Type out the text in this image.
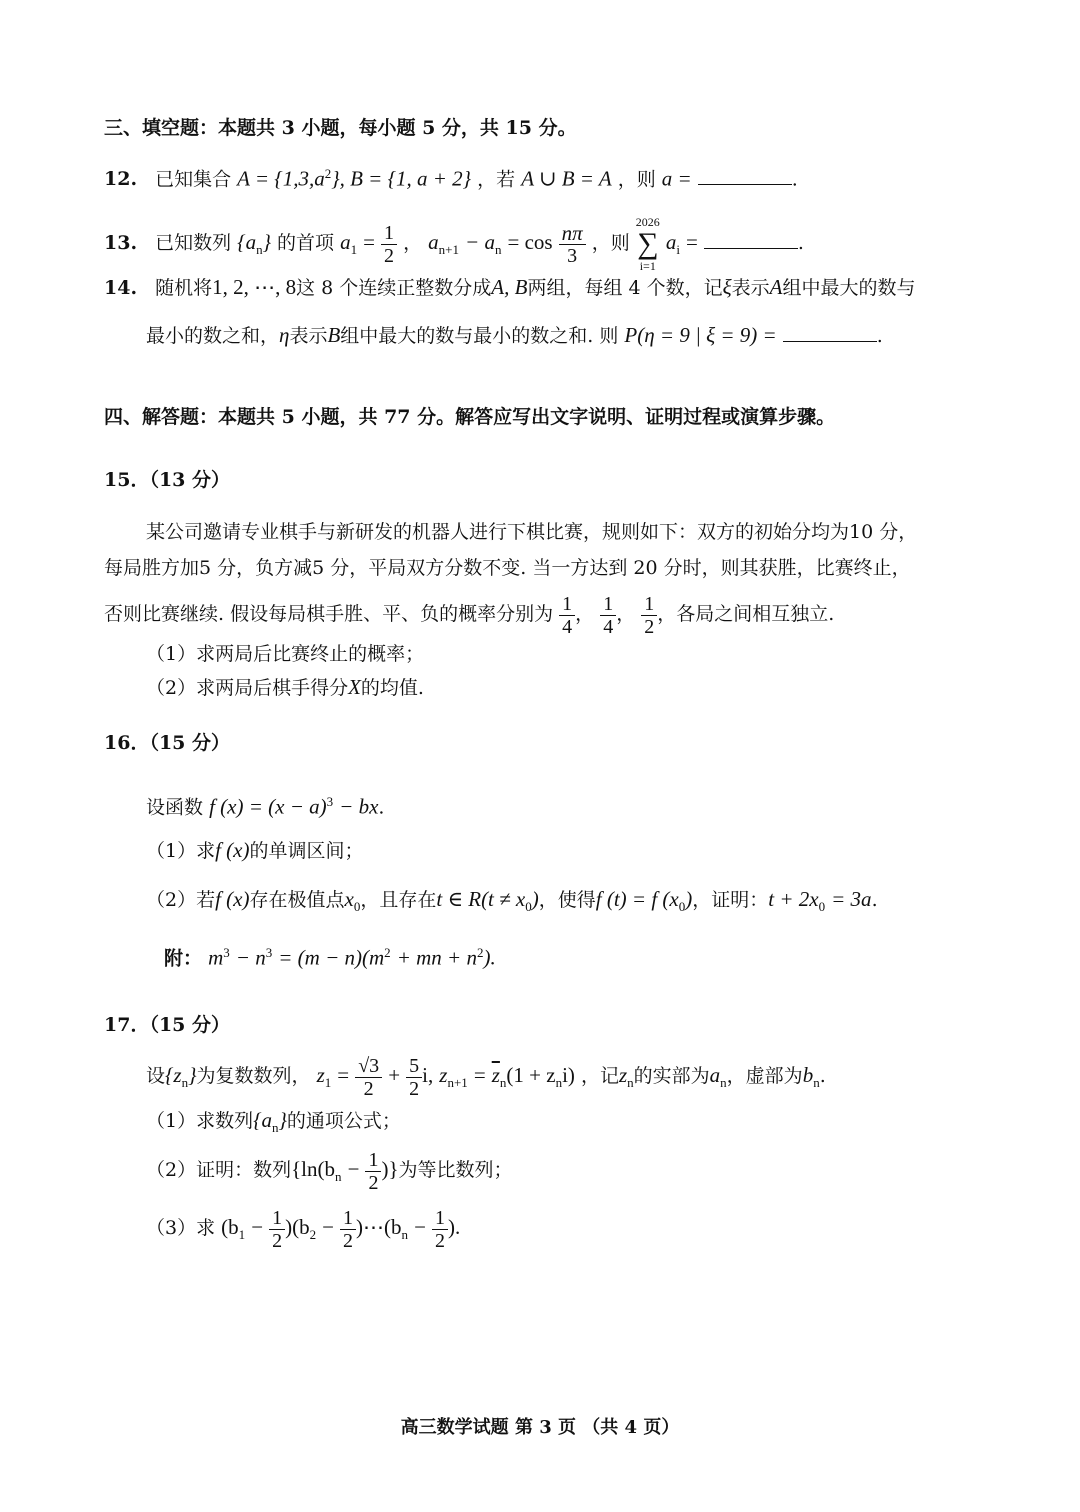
三、填空题：本题共 3 小题，每小题 5 分，共 15 分。
12. 已知集合 $A = \{1,3,a^2\}$, B = {1, a + 2} ，若 A ∪ B = A ，则 a =	.
13. 已知数列 $\{a_n\}$ 的首项 $a_1 = \frac{1}{2}$ ， $a_{n+1} - a_n = \cos \frac{n\pi}{3}$ ，则
2026
∑
i=1
$a_i$ =	.
14. 随机将1, 2, ⋯, 8这 8 个连续正整数分成A, B两组，每组 4 个数，记ξ表示A组中最大的数与
最小的数之和，η表示B组中最大的数与最小的数之和. 则 P(η = 9 | ξ = 9) =	.
四、解答题：本题共 5 小题，共 77 分。解答应写出文字说明、证明过程或演算步骤。
15．（13 分）
某公司邀请专业棋手与新研发的机器人进行下棋比赛，规则如下：双方的初始分均为10 分，
每局胜方加5 分，负方减5 分，平局双方分数不变. 当一方达到 20 分时，则其获胜，比赛终止，
否则比赛继续. 假设每局棋手胜、平、负的概率分别为 $\frac{1}{4}$ ， $\frac{1}{4}$ ， $\frac{1}{2}$ ，各局之间相互独立.
（1）求两局后比赛终止的概率；
（2）求两局后棋手得分X的均值.
16．（15 分）
设函数 f $(x) = (x - a)^3$ − bx.
（1）求f (x)的单调区间；
（2）若f (x)存在极值点$x_0$，且存在t ∈ $R(t \ne x_0)$，使得f (t) = f $(x_0)$，证明：$t + 2x_0 = 3a$.
附： $m^3 - n^3 = (m - n)(m^2$ + mn + $n^2$).
17．（15 分）
设$\{z_n\}$为复数数列， $z_1 = \frac{√3}{2} + \frac{5}{2} i$, $z_{n+1} = \overline{z}_n(1 + z_ni)$ ，记$z_n$的实部为$a_n$，虚部为$b_n$.
（1）求数列$\{a_n\}$的通项公式；
（2）证明：数列{$\ln(b_n - \frac{1}{2}$ )}为等比数列；
（3）求 $(b_1 - \frac{1}{2} )(b_2 - \frac{1}{2}$ )$\cdots(b_n - \frac{1}{2}$ ).
高三数学试题 第 3 页 （共 4 页）
